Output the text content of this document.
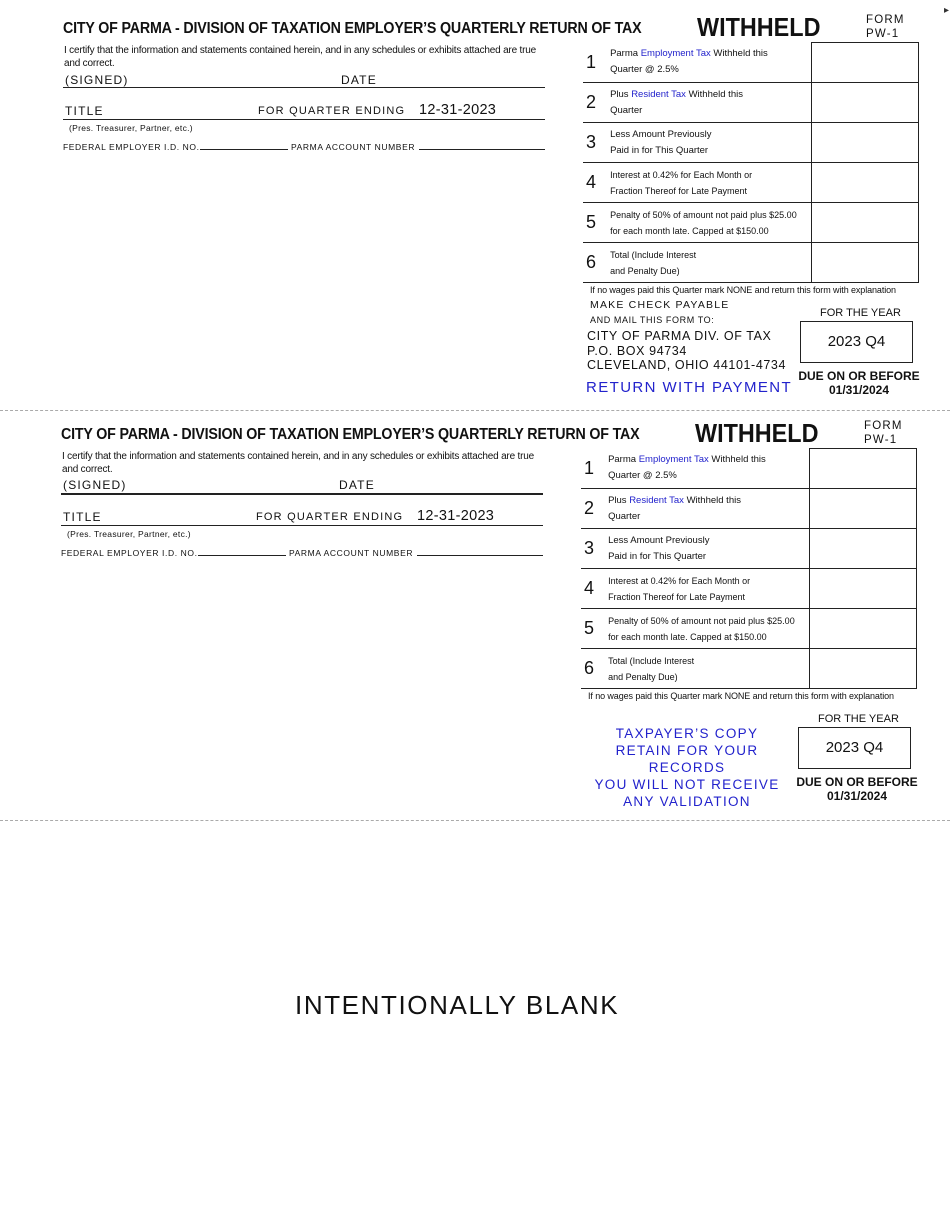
CITY OF PARMA - DIVISION OF TAXATION EMPLOYER’S QUARTERLY RETURN OF TAX WITHHELD	FORM
PW-1
I certify that the information and statements contained herein, and in any schedules or exhibits attached are true and correct.
(SIGNED)	DATE
TITLE	FOR QUARTER ENDING 12-31-2023
(Pres. Treasurer, Partner, etc.)
FEDERAL EMPLOYER I.D. NO.	PARMA ACCOUNT NUMBER
1	Parma Employment Tax Withheld this
Quarter @ 2.5%	
2	Plus Resident Tax Withheld this
Quarter	
3	Less Amount Previously
Paid in for This Quarter	
4	Interest at 0.42% for Each Month or
Fraction Thereof for Late Payment	
5	Penalty of 50% of amount not paid plus $25.00
for each month late. Capped at $150.00	
6	Total (Include Interest
and Penalty Due)	
If no wages paid this Quarter mark NONE and return this form with explanation
MAKE CHECK PAYABLE
AND MAIL THIS FORM TO:
CITY OF PARMA DIV. OF TAX
P.O. BOX 94734
CLEVELAND, OHIO 44101-4734
RETURN WITH PAYMENT
FOR THE YEAR
2023 Q4
DUE ON OR BEFORE
01/31/2024
CITY OF PARMA - DIVISION OF TAXATION EMPLOYER’S QUARTERLY RETURN OF TAX WITHHELD	FORM
PW-1
I certify that the information and statements contained herein, and in any schedules or exhibits attached are true and correct.
(SIGNED)	DATE
TITLE	FOR QUARTER ENDING 12-31-2023
(Pres. Treasurer, Partner, etc.)
FEDERAL EMPLOYER I.D. NO.	PARMA ACCOUNT NUMBER
1	Parma Employment Tax Withheld this
Quarter @ 2.5%	
2	Plus Resident Tax Withheld this
Quarter	
3	Less Amount Previously
Paid in for This Quarter	
4	Interest at 0.42% for Each Month or
Fraction Thereof for Late Payment	
5	Penalty of 50% of amount not paid plus $25.00
for each month late. Capped at $150.00	
6	Total (Include Interest
and Penalty Due)	
If no wages paid this Quarter mark NONE and return this form with explanation
TAXPAYER’S COPY
RETAIN FOR YOUR RECORDS
YOU WILL NOT RECEIVE
ANY VALIDATION
FOR THE YEAR
2023 Q4
DUE ON OR BEFORE
01/31/2024
▸
INTENTIONALLY BLANK
